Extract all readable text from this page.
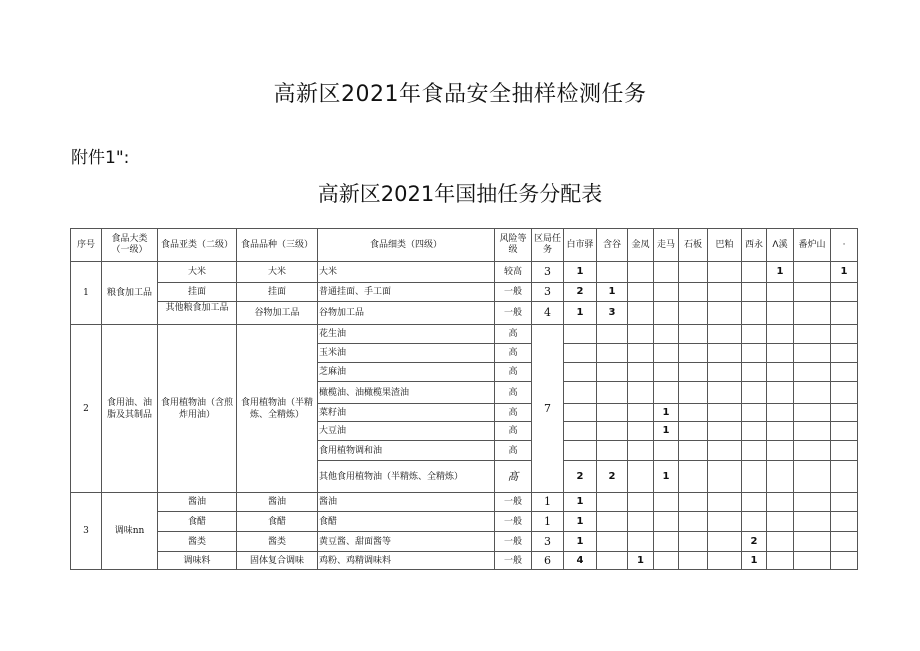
高新区2021年食品安全抽样检测任务
附件1":
高新区2021年国抽任务分配表
序号	食品大类（一级）	食品亚类（二级）	食品品种（三级）	食品细类（四级）	风险等级	区局任务	白市驿	含谷	金凤	走马	石板	巴粕	西永	Λ溪	番炉山	·
1	粮食加工品	大米	大米	大米	较高	3	1							1		1
		挂面	挂面	普通挂面、手工面	一般	3	2	1								
		其他粮食加工品	谷物加工品	谷物加工品	一般	4	1	3								
2	食用油、油脂及其制品	食用植物油（含煎炸用油）	食用植物油（半精炼、全精炼）	花生油	高	7										
				玉米油	高											
				芝麻油	高											
				橄榄油、油橄榄果渣油	高											
				菜籽油	高					1						
				大豆油	高					1						
				食用植物调和油	高											
				其他食用植物油（半精炼、全精炼）	髙		2	2		1						
3	调味nn	酱油	酱油	酱油	一般	1	1									
		食醋	食醋	食醋	一般	1	1									
		酱类	酱类	黄豆酱、甜面酱等	一般	3	1						2			
		调味料	固体复合调味	鸡粉、鸡精调味料	一般	6	4		1				1			
